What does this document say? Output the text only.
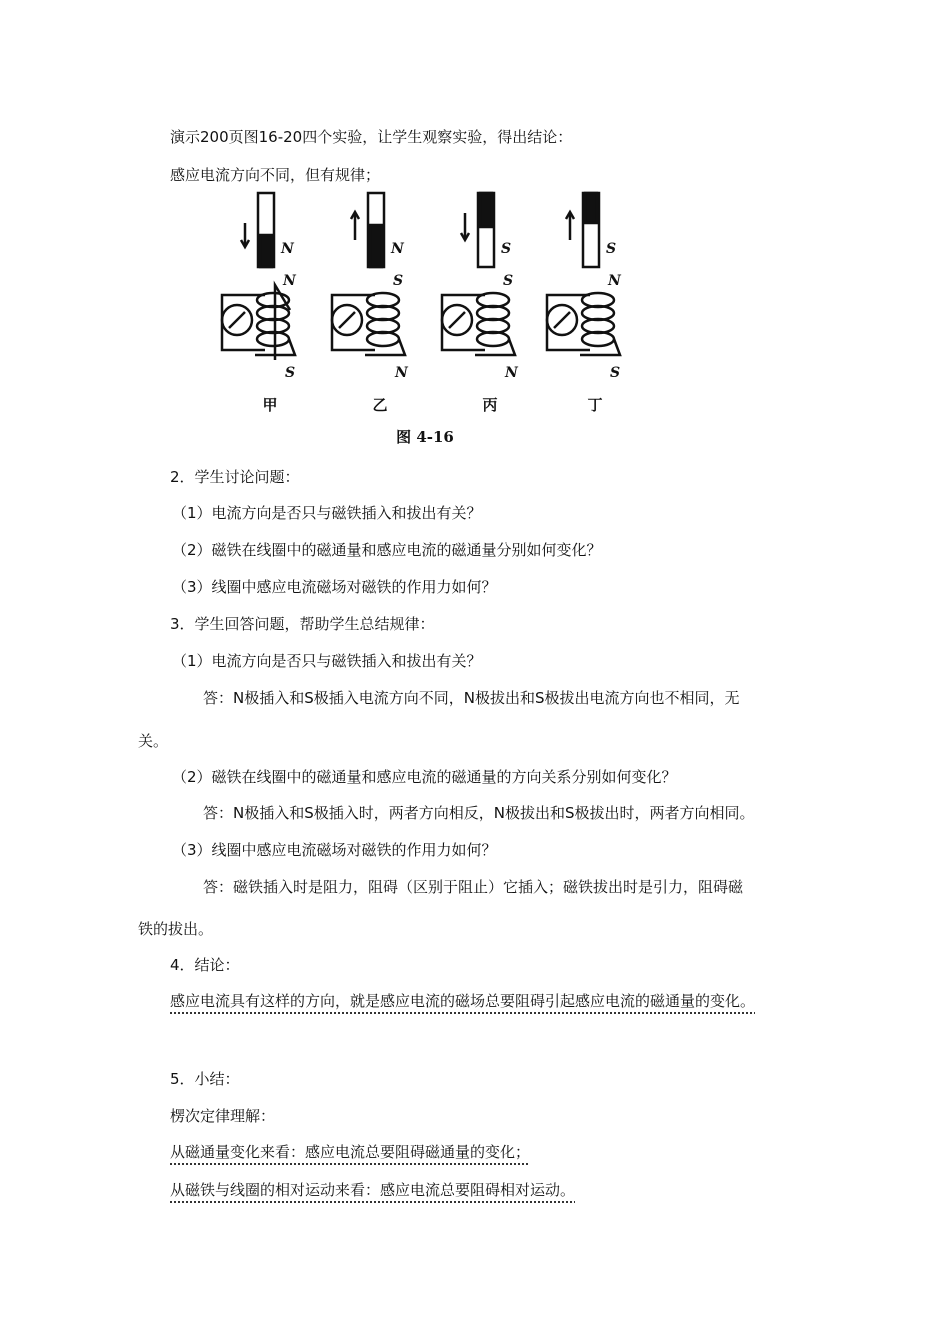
演示200页图16-20四个实验，让学生观察实验，得出结论：
感应电流方向不同，但有规律；
N
N
S
N
S
N
S
S
N
S
N
S
甲	乙	丙	丁
图 4-16
2．学生讨论问题：
（1）电流方向是否只与磁铁插入和拔出有关？
（2）磁铁在线圈中的磁通量和感应电流的磁通量分别如何变化？
（3）线圈中感应电流磁场对磁铁的作用力如何？
3．学生回答问题，帮助学生总结规律：
（1）电流方向是否只与磁铁插入和拔出有关？
答：N极插入和S极插入电流方向不同，N极拔出和S极拔出电流方向也不相同，无
关。
（2）磁铁在线圈中的磁通量和感应电流的磁通量的方向关系分别如何变化？
答：N极插入和S极插入时，两者方向相反，N极拔出和S极拔出时，两者方向相同。
（3）线圈中感应电流磁场对磁铁的作用力如何？
答：磁铁插入时是阻力，阻碍（区别于阻止）它插入；磁铁拔出时是引力，阻碍磁
铁的拔出。
4．结论：
感应电流具有这样的方向，就是感应电流的磁场总要阻碍引起感应电流的磁通量的变化。
5．小结：
楞次定律理解：
从磁通量变化来看：感应电流总要阻碍磁通量的变化；
从磁铁与线圈的相对运动来看：感应电流总要阻碍相对运动。
